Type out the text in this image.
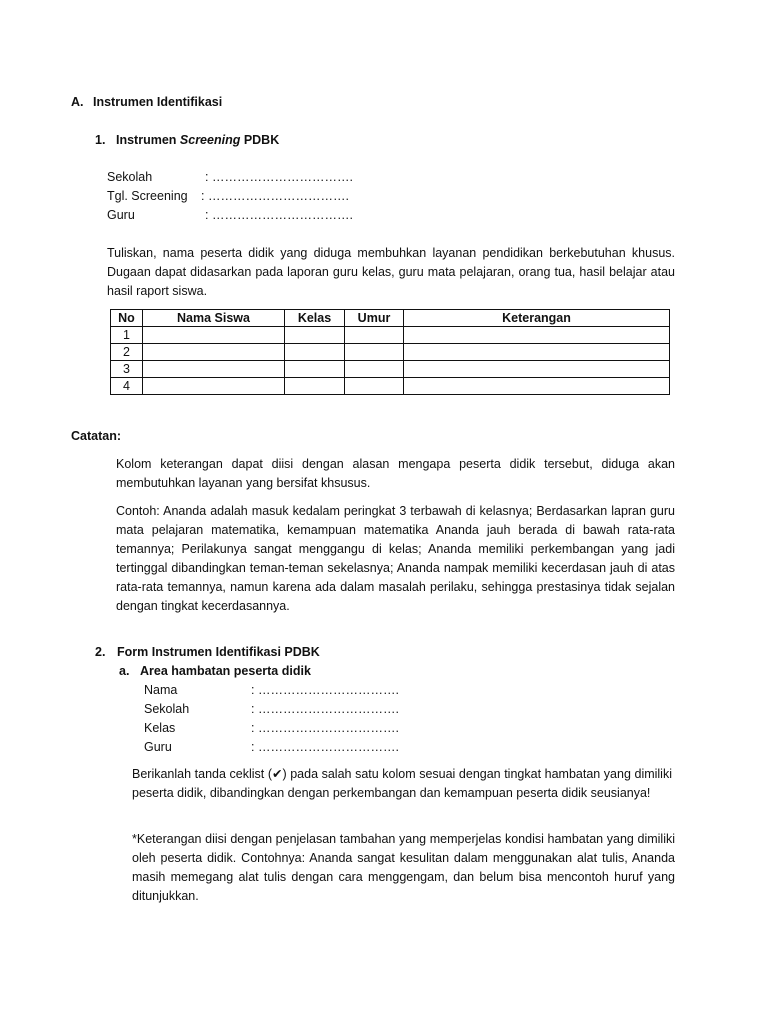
A. Instrumen Identifikasi
1. Instrumen Screening PDBK
Sekolah	: …………………………….
Tgl. Screening : …………………………….
Guru	: …………………………….

Tuliskan, nama peserta didik yang diduga membuhkan layanan pendidikan berkebutuhan khusus. Dugaan dapat didasarkan pada laporan guru kelas, guru mata pelajaran, orang tua, hasil belajar atau hasil raport siswa.

No	Nama Siswa	Kelas	Umur	Keterangan
1				
2				
3				
4				
Catatan:

Kolom keterangan dapat diisi dengan alasan mengapa peserta didik tersebut, diduga akan membutuhkan layanan yang bersifat khsusus.

Contoh: Ananda adalah masuk kedalam peringkat 3 terbawah di kelasnya; Berdasarkan lapran guru mata pelajaran matematika, kemampuan matematika Ananda jauh berada di bawah rata-rata temannya; Perilakunya sangat menggangu di kelas; Ananda memiliki perkembangan yang jadi tertinggal dibandingkan teman-teman sekelasnya; Ananda nampak memiliki kecerdasan jauh di atas rata-rata temannya, namun karena ada dalam masalah perilaku, sehingga prestasinya tidak sejalan dengan tingkat kecerdasannya.

2. Form Instrumen Identifikasi PDBK
a. Area hambatan peserta didik
Nama	: …………………………….
Sekolah	: …………………………….
Kelas	: …………………………….
Guru	: …………………………….

Berikanlah tanda ceklist (✔) pada salah satu kolom sesuai dengan tingkat hambatan yang dimiliki peserta didik, dibandingkan dengan perkembangan dan kemampuan peserta didik seusianya!

*Keterangan diisi dengan penjelasan tambahan yang memperjelas kondisi hambatan yang dimiliki oleh peserta didik. Contohnya: Ananda sangat kesulitan dalam menggunakan alat tulis, Ananda masih memegang alat tulis dengan cara menggengam, dan belum bisa mencontoh huruf yang ditunjukkan.
